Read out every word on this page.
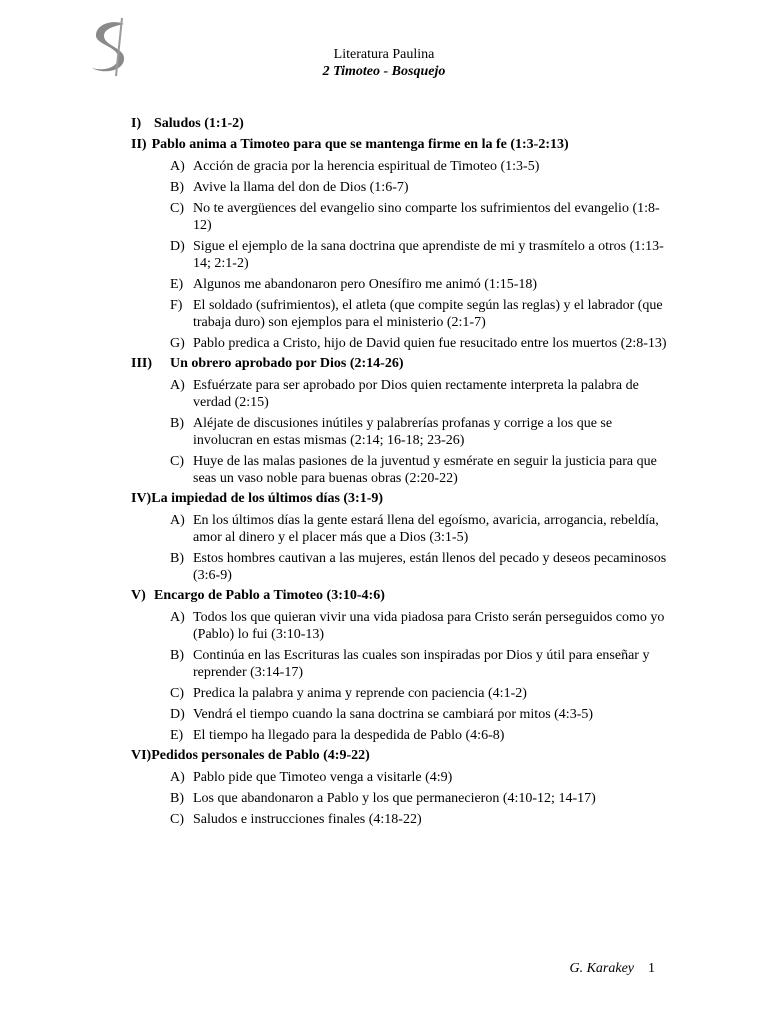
Literatura Paulina
2 Timoteo - Bosquejo
I) Saludos (1:1-2)
II) Pablo anima a Timoteo para que se mantenga firme en la fe (1:3-2:13)
A) Acción de gracia por la herencia espiritual de Timoteo (1:3-5)
B) Avive la llama del don de Dios (1:6-7)
C) No te avergüences del evangelio sino comparte los sufrimientos del evangelio (1:8-12)
D) Sigue el ejemplo de la sana doctrina que aprendiste de mi y trasmítelo a otros (1:13-14; 2:1-2)
E) Algunos me abandonaron pero Onesífiro me animó (1:15-18)
F) El soldado (sufrimientos), el atleta (que compite según las reglas) y el labrador (que trabaja duro) son ejemplos para el ministerio (2:1-7)
G) Pablo predica a Cristo, hijo de David quien fue resucitado entre los muertos (2:8-13)
III)	Un obrero aprobado por Dios (2:14-26)
A) Esfuérzate para ser aprobado por Dios quien rectamente interpreta la palabra de verdad (2:15)
B) Aléjate de discusiones inútiles y palabrerías profanas y corrige a los que se involucran en estas mismas (2:14; 16-18; 23-26)
C) Huye de las malas pasiones de la juventud y esmérate en seguir la justicia para que seas un vaso noble para buenas obras (2:20-22)
IV) La impiedad de los últimos días (3:1-9)
A) En los últimos días la gente estará llena del egoísmo, avaricia, arrogancia, rebeldía, amor al dinero y el placer más que a Dios (3:1-5)
B) Estos hombres cautivan a las mujeres, están llenos del pecado y deseos pecaminosos (3:6-9)
V) Encargo de Pablo a Timoteo (3:10-4:6)
A) Todos los que quieran vivir una vida piadosa para Cristo serán perseguidos como yo (Pablo) lo fui (3:10-13)
B) Continúa en las Escrituras las cuales son inspiradas por Dios y útil para enseñar y reprender (3:14-17)
C) Predica la palabra y anima y reprende con paciencia (4:1-2)
D) Vendrá el tiempo cuando la sana doctrina se cambiará por mitos (4:3-5)
E) El tiempo ha llegado para la despedida de Pablo (4:6-8)
VI) Pedidos personales de Pablo (4:9-22)
A) Pablo pide que Timoteo venga a visitarle (4:9)
B) Los que abandonaron a Pablo y los que permanecieron (4:10-12; 14-17)
C) Saludos e instrucciones finales (4:18-22)
G. Karakey 1
